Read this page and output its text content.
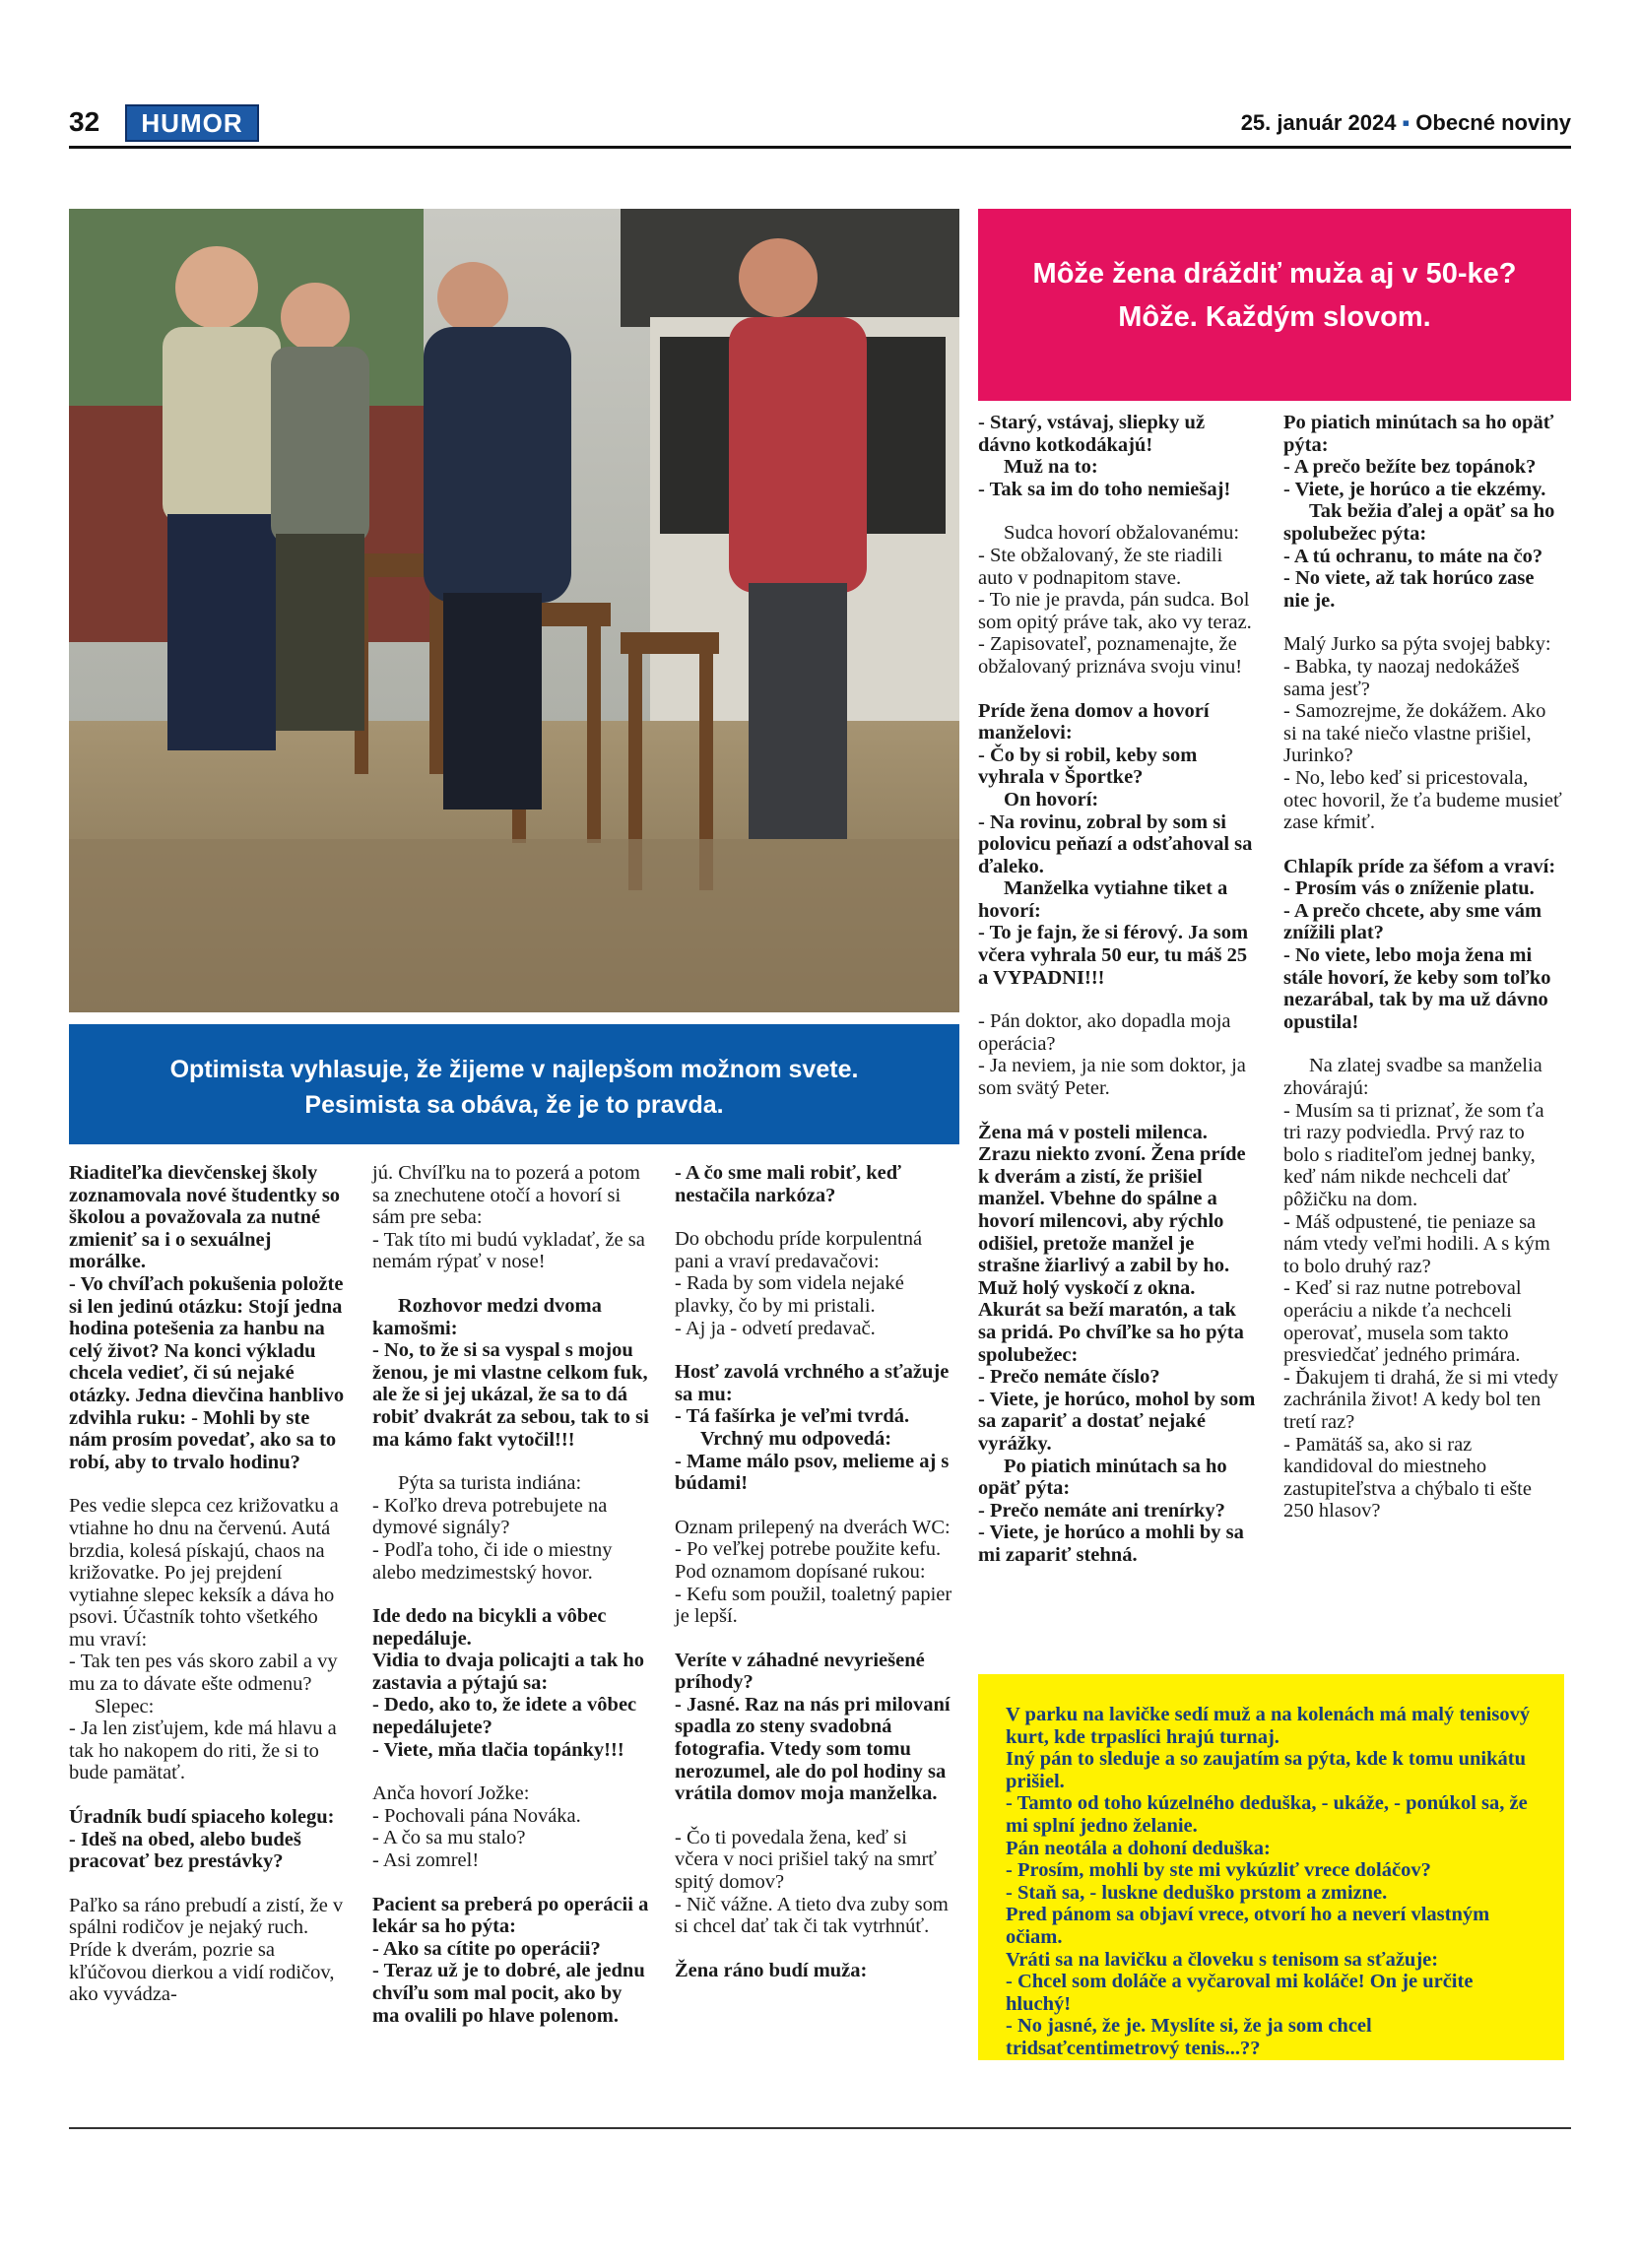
32	HUMOR	25. január 2024 ▪ Obecné noviny
Optimista vyhlasuje, že žijeme v najlepšom možnom svete.
Pesimista sa obáva, že je to pravda.
Môže žena dráždiť muža aj v 50-ke?
Môže. Každým slovom.

Riaditeľka dievčenskej školy zoznamovala nové študentky so školou a považovala za nutné zmieniť sa i o sexuálnej morálke.

- Vo chvíľach pokušenia položte si len jedinú otázku: Stojí jedna hodina potešenia za hanbu na celý život? Na konci výkladu chcela vedieť, či sú nejaké otázky. Jedna dievčina hanblivo zdvihla ruku: - Mohli by ste nám prosím povedať, ako sa to robí, aby to trvalo hodinu?

Pes vedie slepca cez križovatku a vtiahne ho dnu na červenú. Autá brzdia, kolesá pískajú, chaos na križovatke. Po jej prejdení vytiahne slepec keksík a dáva ho psovi. Účastník tohto všetkého mu vraví:

- Tak ten pes vás skoro zabil a vy mu za to dávate ešte odmenu?

Slepec:

- Ja len zisťujem, kde má hlavu a tak ho nakopem do riti, že si to bude pamätať.

Úradník budí spiaceho kolegu:

- Ideš na obed, alebo budeš pracovať bez prestávky?

Paľko sa ráno prebudí a zistí, že v spálni rodičov je nejaký ruch. Príde k dverám, pozrie sa kľúčovou dierkou a vidí rodičov, ako vyvádza-

jú. Chvíľku na to pozerá a potom sa znechutene otočí a hovorí si sám pre seba:

- Tak títo mi budú vykladať, že sa nemám rýpať v nose!

Rozhovor medzi dvoma kamošmi:

- No, to že si sa vyspal s mojou ženou, je mi vlastne celkom fuk, ale že si jej ukázal, že sa to dá robiť dvakrát za sebou, tak to si ma kámo fakt vytočil!!!

Pýta sa turista indiána:

- Koľko dreva potrebujete na dymové signály?

- Podľa toho, či ide o miestny alebo medzimestský hovor.

Ide dedo na bicykli a vôbec nepedáluje.

Vidia to dvaja policajti a tak ho zastavia a pýtajú sa:

- Dedo, ako to, že idete a vôbec nepedálujete?

- Viete, mňa tlačia topánky!!!

Anča hovorí Jožke:

- Pochovali pána Nováka.

- A čo sa mu stalo?

- Asi zomrel!

Pacient sa preberá po operácii a lekár sa ho pýta:

- Ako sa cítite po operácii?

- Teraz už je to dobré, ale jednu chvíľu som mal pocit, ako by ma ovalili po hlave polenom.

- A čo sme mali robiť, keď nestačila narkóza?

Do obchodu príde korpulentná pani a vraví predavačovi:

- Rada by som videla nejaké plavky, čo by mi pristali.

- Aj ja - odvetí predavač.

Hosť zavolá vrchného a sťažuje sa mu:

- Tá fašírka je veľmi tvrdá.

Vrchný mu odpovedá:

- Mame málo psov, melieme aj s búdami!

Oznam prilepený na dverách WC:

- Po veľkej potrebe použite kefu.

Pod oznamom dopísané rukou:

- Kefu som použil, toaletný papier je lepší.

Veríte v záhadné nevyriešené príhody?

- Jasné. Raz na nás pri milovaní spadla zo steny svadobná fotografia. Vtedy som tomu nerozumel, ale do pol hodiny sa vrátila domov moja manželka.

- Čo ti povedala žena, keď si včera v noci prišiel taký na smrť spitý domov?

- Nič vážne. A tieto dva zuby som si chcel dať tak či tak vytrhnúť.

Žena ráno budí muža:

- Starý, vstávaj, sliepky už dávno kotkodákajú!

Muž na to:

- Tak sa im do toho nemiešaj!

Sudca hovorí obžalovanému:

- Ste obžalovaný, že ste riadili auto v podnapitom stave.

- To nie je pravda, pán sudca. Bol som opitý práve tak, ako vy teraz.

- Zapisovateľ, poznamenajte, že obžalovaný priznáva svoju vinu!

Príde žena domov a hovorí manželovi:

- Čo by si robil, keby som vyhrala v Športke?

On hovorí:

- Na rovinu, zobral by som si polovicu peňazí a odsťahoval sa ďaleko.

Manželka vytiahne tiket a hovorí:

- To je fajn, že si férový. Ja som včera vyhrala 50 eur, tu máš 25 a VYPADNI!!!

- Pán doktor, ako dopadla moja operácia?

- Ja neviem, ja nie som doktor, ja som svätý Peter.

Žena má v posteli milenca. Zrazu niekto zvoní. Žena príde k dverám a zistí, že prišiel manžel. Vbehne do spálne a hovorí milencovi, aby rýchlo odišiel, pretože manžel je strašne žiarlivý a zabil by ho. Muž holý vyskočí z okna. Akurát sa beží maratón, a tak sa pridá. Po chvíľke sa ho pýta spolubežec:

- Prečo nemáte číslo?

- Viete, je horúco, mohol by som sa zapariť a dostať nejaké vyrážky.

Po piatich minútach sa ho opäť pýta:

- Prečo nemáte ani trenírky?

- Viete, je horúco a mohli by sa mi zapariť stehná.

Po piatich minútach sa ho opäť pýta:

- A prečo bežíte bez topánok?

- Viete, je horúco a tie ekzémy.

Tak bežia ďalej a opäť sa ho spolubežec pýta:

- A tú ochranu, to máte na čo?

- No viete, až tak horúco zase nie je.

Malý Jurko sa pýta svojej babky:

- Babka, ty naozaj nedokážeš sama jesť?

- Samozrejme, že dokážem. Ako si na také niečo vlastne prišiel, Jurinko?

- No, lebo keď si pricestovala, otec hovoril, že ťa budeme musieť zase kŕmiť.

Chlapík príde za šéfom a vraví:

- Prosím vás o zníženie platu.

- A prečo chcete, aby sme vám znížili plat?

- No viete, lebo moja žena mi stále hovorí, že keby som toľko nezarábal, tak by ma už dávno opustila!

Na zlatej svadbe sa manželia zhovárajú:

- Musím sa ti priznať, že som ťa tri razy podviedla. Prvý raz to bolo s riaditeľom jednej banky, keď nám nikde nechceli dať pôžičku na dom.

- Máš odpustené, tie peniaze sa nám vtedy veľmi hodili. A s kým to bolo druhý raz?

- Keď si raz nutne potreboval operáciu a nikde ťa nechceli operovať, musela som takto presviedčať jedného primára.

- Ďakujem ti drahá, že si mi vtedy zachránila život! A kedy bol ten tretí raz?

- Pamätáš sa, ako si raz kandidoval do miestneho zastupiteľstva a chýbalo ti ešte 250 hlasov?

V parku na lavičke sedí muž a na kolenách má malý tenisový kurt, kde trpaslíci hrajú turnaj.

Iný pán to sleduje a so zaujatím sa pýta, kde k tomu unikátu prišiel.

- Tamto od toho kúzelného deduška, - ukáže, - ponúkol sa, že mi splní jedno želanie.

Pán neotála a dohoní deduška:

- Prosím, mohli by ste mi vykúzliť vrece doláčov?

- Staň sa, - luskne deduško prstom a zmizne.

Pred pánom sa objaví vrece, otvorí ho a neverí vlastným očiam.

Vráti sa na lavičku a človeku s tenisom sa sťažuje:

- Chcel som doláče a vyčaroval mi koláče! On je určite hluchý!

- No jasné, že je. Myslíte si, že ja som chcel tridsaťcentimetrový tenis...??
